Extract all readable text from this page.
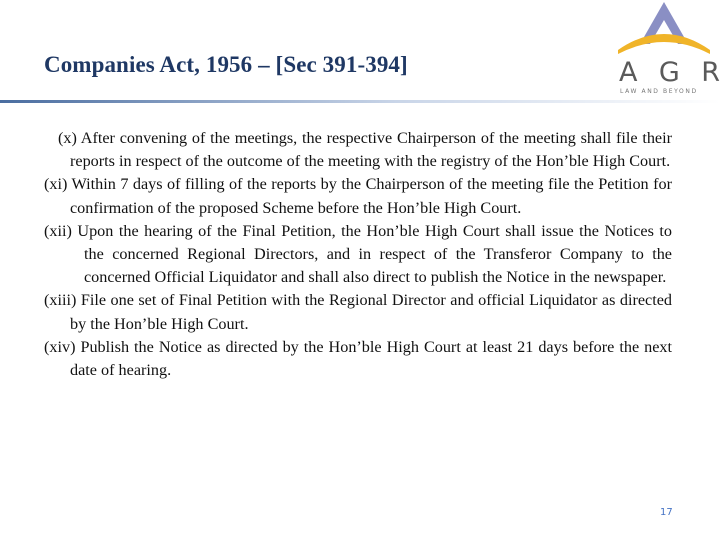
Companies Act, 1956 – [Sec 391-394]	A G R
LAW AND BEYOND
(x) After convening of the meetings, the respective Chairperson of the meeting shall file their reports in respect of the outcome of the meeting with the registry of the Hon’ble High Court.
(xi) Within 7 days of filling of the reports by the Chairperson of the meeting file the Petition for confirmation of the proposed Scheme before the Hon’ble High Court.
(xii) Upon the hearing of the Final Petition, the Hon’ble High Court shall issue the Notices to the concerned Regional Directors, and in respect of the Transferor Company to the concerned Official Liquidator and shall also direct to publish the Notice in the newspaper.
(xiii) File one set of Final Petition with the Regional Director and official Liquidator as directed by the Hon’ble High Court.
(xiv) Publish the Notice as directed by the Hon’ble High Court at least 21 days before the next date of hearing.
17
